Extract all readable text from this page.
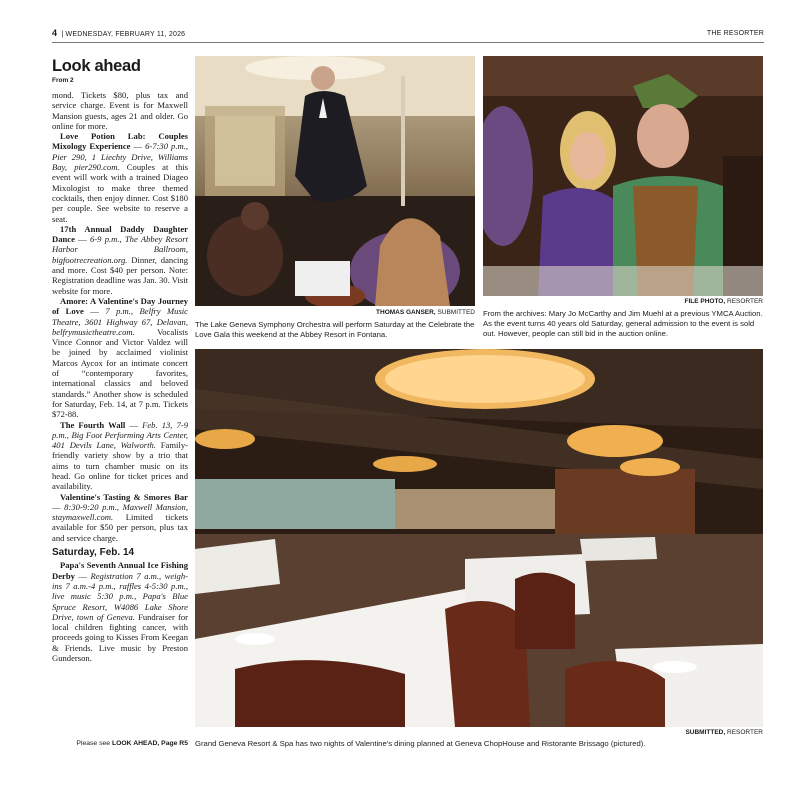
4 | WEDNESDAY, FEBRUARY 11, 2026	THE RESORTER
Look ahead
From 2

mond. Tickets $80, plus tax and service charge. Event is for Maxwell Mansion guests, ages 21 and older. Go online for more.

Love Potion Lab: Couples Mixology Experience — 6-7:30 p.m., Pier 290, 1 Liechty Drive, Williams Bay, pier290.com. Couples at this event will work with a trained Diageo Mixologist to make three themed cocktails, then enjoy dinner. Cost $180 per couple. See website to reserve a seat.

17th Annual Daddy Daughter Dance — 6-9 p.m., The Abbey Resort Harbor Ballroom, bigfootrecreation.org. Dinner, dancing and more. Cost $40 per person. Note: Registration deadline was Jan. 30. Visit website for more.

Amore: A Valentine's Day Journey of Love — 7 p.m., Belfry Music Theatre, 3601 Highway 67, Delavan, belfrymusictheatre.com.	Vocalists Vince Connor and Victor Valdez will be joined by acclaimed violinist Marcos Aycox for an intimate concert of “contemporary favorites, international classics and beloved standards.” Another show is scheduled for Saturday, Feb. 14, at 7 p.m. Tickets $72-88.

The Fourth Wall — Feb. 13, 7-9 p.m., Big Foot Performing Arts Center, 401 Devils Lane, Walworth. Family-friendly variety show by a trio that aims to turn chamber music on its head. Go online for ticket prices and availability.

Valentine's Tasting & Smores Bar — 8:30-9:20 p.m., Maxwell Mansion, staymaxwell.com. Limited tickets available for $50 per person, plus tax and service charge.

Saturday, Feb. 14

Papa's Seventh Annual Ice Fishing Derby — Registration 7 a.m., weigh-ins 7 a.m.-4 p.m., raffles 4-5:30 p.m., live music 5:30 p.m., Papa's Blue Spruce Resort, W4086 Lake Shore Drive, town of Geneva. Fundraiser for local children fighting cancer, with proceeds going to Kisses From Keegan & Friends. Live music by Preston Gunderson.

THOMAS GANSER, SUBMITTED
The Lake Geneva Symphony Orchestra will perform Saturday at the Celebrate the Love Gala this weekend at the Abbey Resort in Fontana.
FILE PHOTO, RESORTER
From the archives: Mary Jo McCarthy and Jim Muehl at a previous YMCA Auction. As the event turns 40 years old Saturday, general admission to the event is sold out. However, people can still bid in the auction online.
SUBMITTED, RESORTER
Grand Geneva Resort & Spa has two nights of Valentine's dining planned at Geneva ChopHouse and Ristorante Brissago (pictured).
Please see LOOK AHEAD, Page R5
